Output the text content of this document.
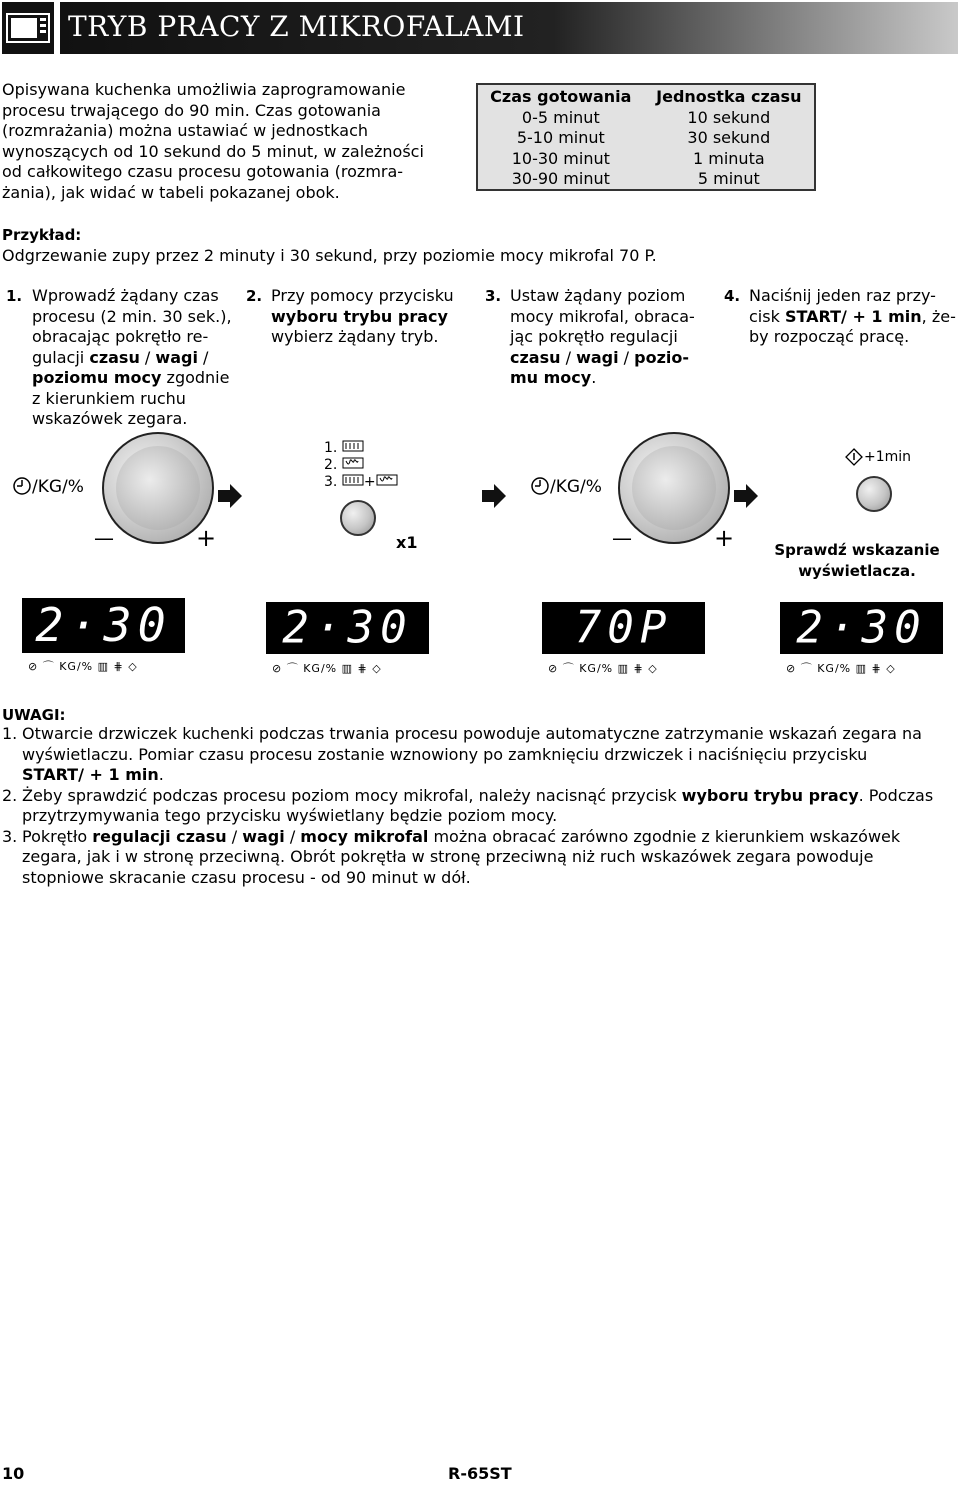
TRYB PRACY Z MIKROFALAMI
Opisywana kuchenka umożliwia zaprogramowanie
procesu trwającego do 90 min. Czas gotowania
(rozmrażania) można ustawiać w jednostkach
wynoszących od 10 sekund do 5 minut, w zależności
od całkowitego czasu procesu gotowania (rozmra-
żania), jak widać w tabeli pokazanej obok.
Czas gotowania	Jednostka czasu
0-5 minut	10 sekund
5-10 minut	30 sekund
10-30 minut	1 minuta
30-90 minut	5 minut
Przykład:
Odgrzewanie zupy przez 2 minuty i 30 sekund, przy poziomie mocy mikrofal 70 P.
1. Wprowadź żądany czas
procesu (2 min. 30 sek.),
obracając pokrętło re-
gulacji czasu / wagi /
poziomu mocy zgodnie
z kierunkiem ruchu
wskazówek zegara.
2. Przy pomocy przycisku
wyboru trybu pracy
wybierz żądany tryb.
3. Ustaw żądany poziom
mocy mikrofal, obraca-
jąc pokrętło regulacji
czasu / wagi / pozio-
mu mocy.
4. Naciśnij jeden raz przy-
cisk START/ + 1 min, że-
by rozpocząć pracę.
/KG/%
—	+
1.
2.
3. +
x1
/KG/%
—	+
+1min
Sprawdź wskazanie
wyświetlacza.
2·30
⊘ ⌒ KG/% ▥ ⋕ ◇
2·30
⊘ ⌒ KG/% ▥ ⋕ ◇
70P
⊘ ⌒ KG/% ▥ ⋕ ◇
2·30
⊘ ⌒ KG/% ▥ ⋕ ◇
UWAGI:
1. Otwarcie drzwiczek kuchenki podczas trwania procesu powoduje automatyczne zatrzymanie wskazań zegara na
wyświetlaczu. Pomiar czasu procesu zostanie wznowiony po zamknięciu drzwiczek i naciśnięciu przycisku
START/ + 1 min.
2. Żeby sprawdzić podczas procesu poziom mocy mikrofal, należy nacisnąć przycisk wyboru trybu pracy. Podczas
przytrzymywania tego przycisku wyświetlany będzie poziom mocy.
3. Pokrętło regulacji czasu / wagi / mocy mikrofal można obracać zarówno zgodnie z kierunkiem wskazówek
zegara, jak i w stronę przeciwną. Obrót pokrętła w stronę przeciwną niż ruch wskazówek zegara powoduje
stopniowe skracanie czasu procesu - od 90 minut w dół.
10	R-65ST
